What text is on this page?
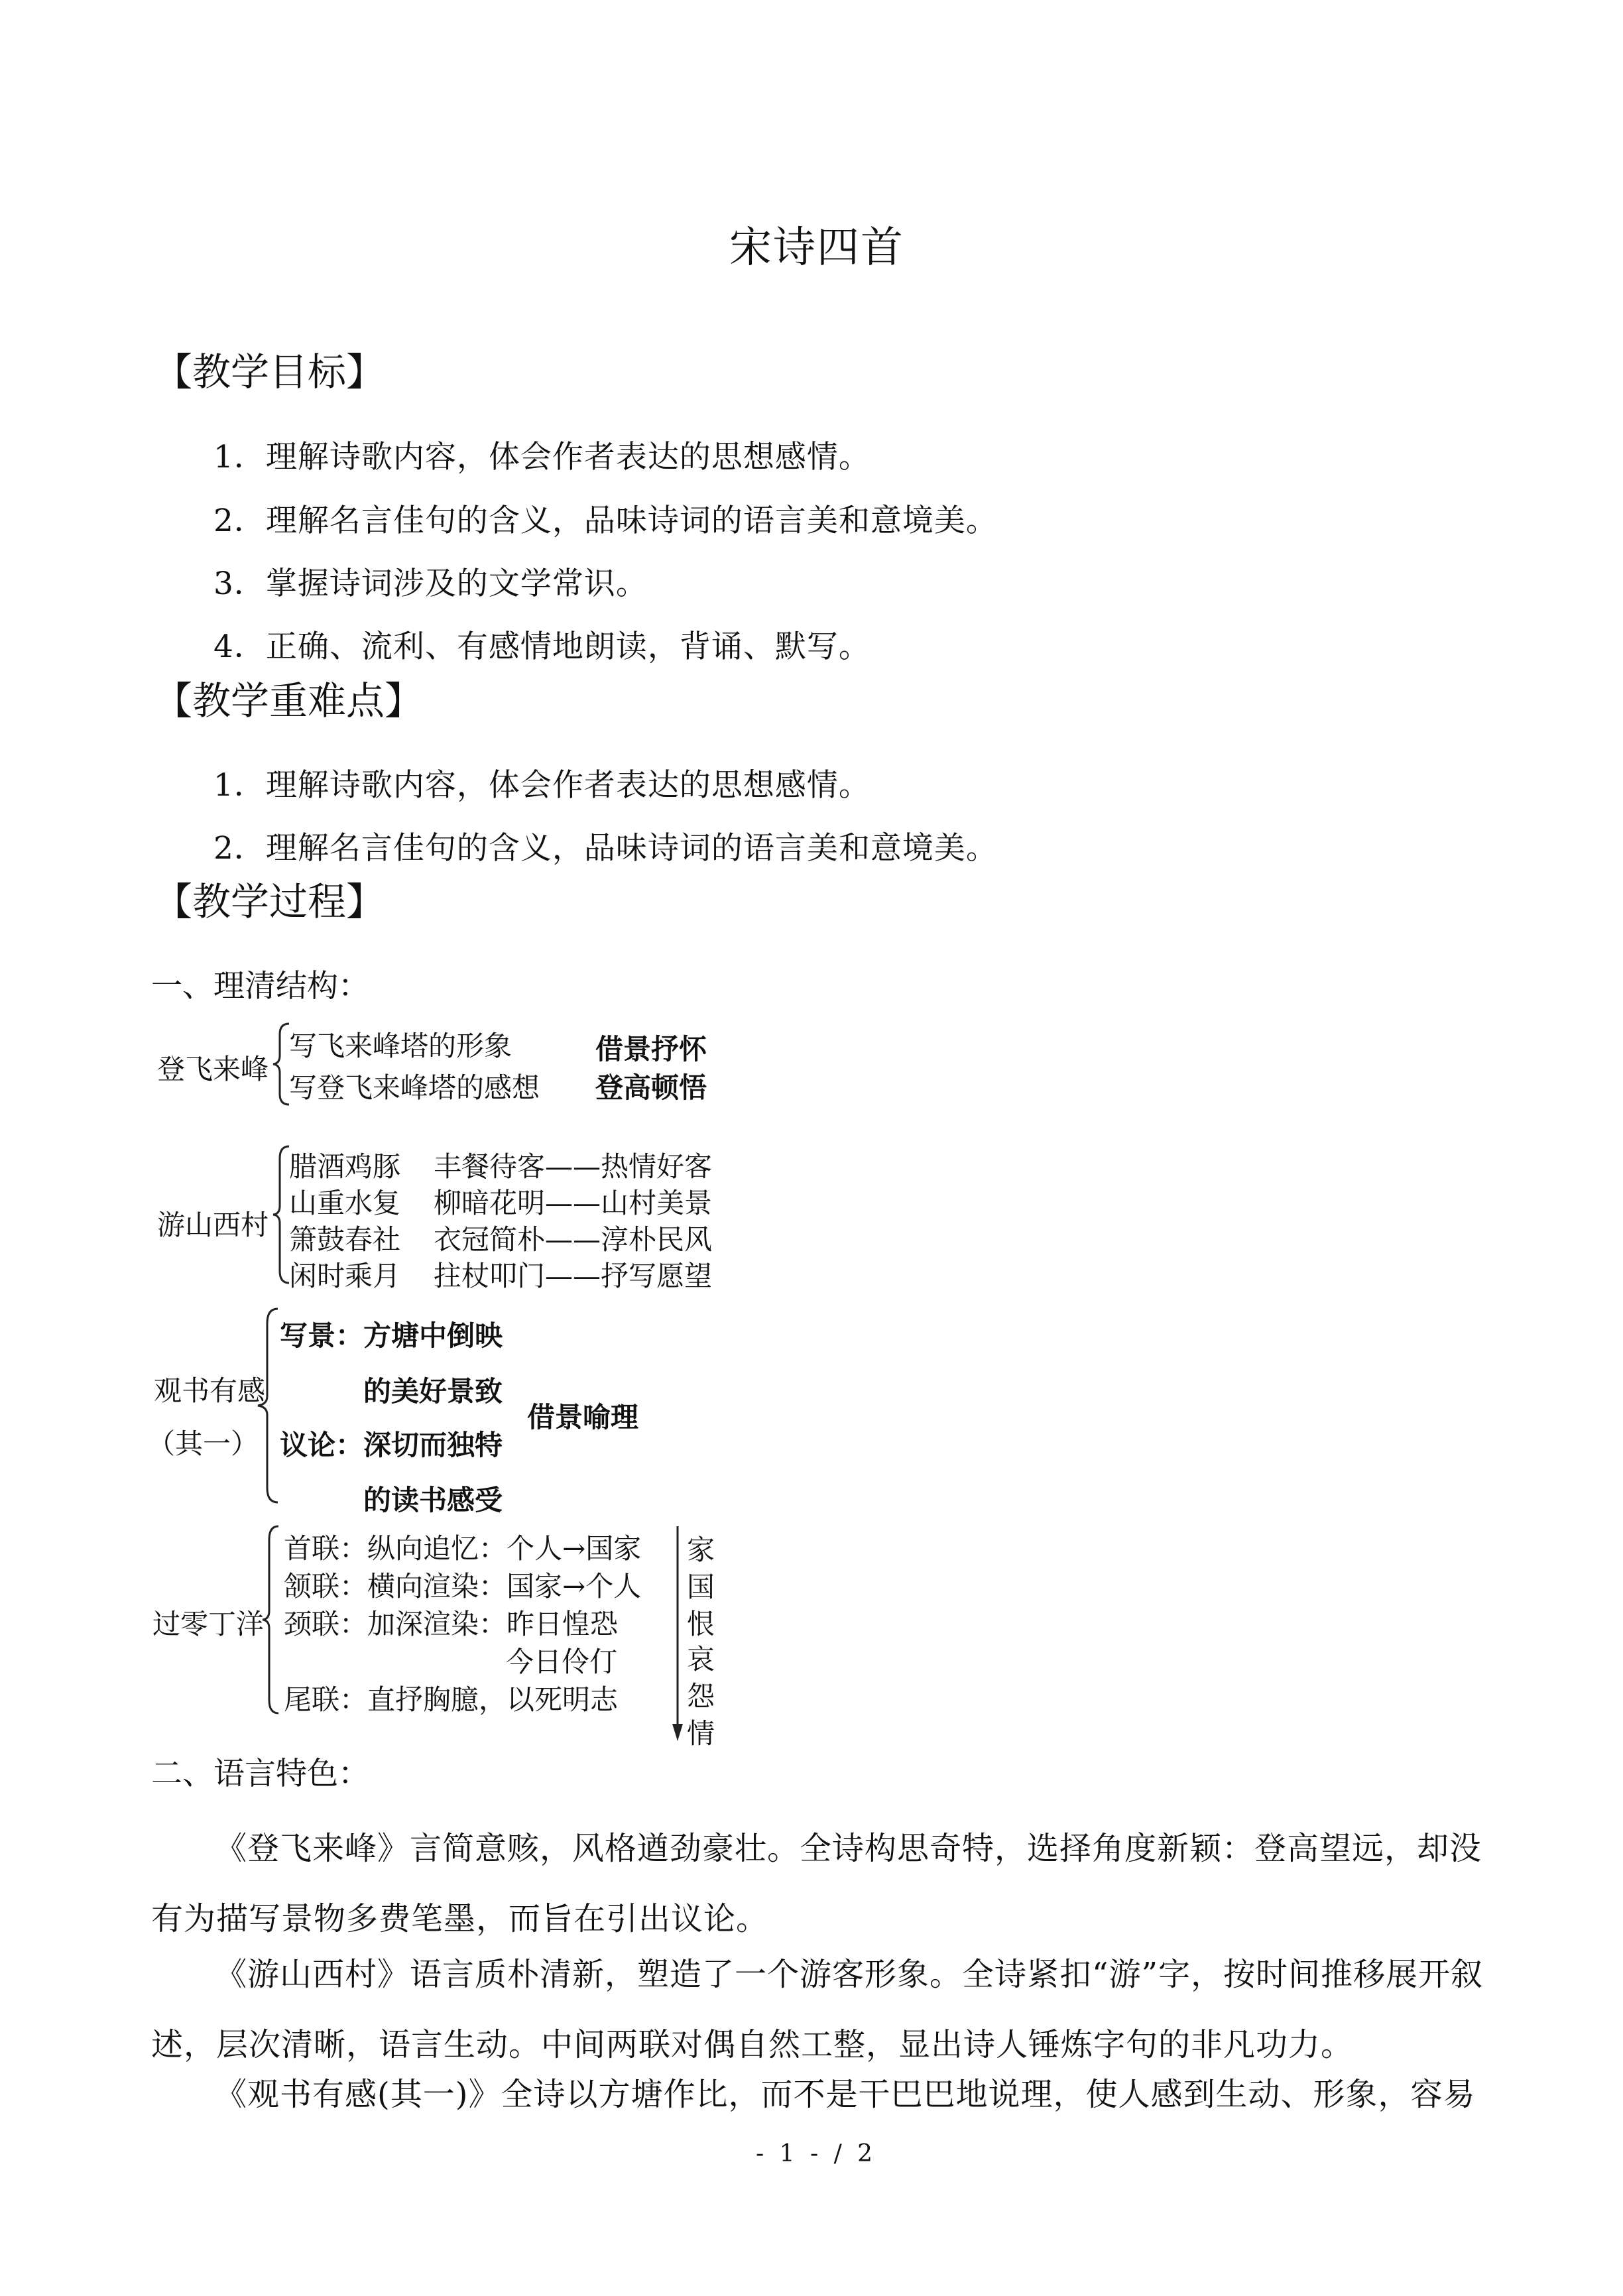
宋诗四首
【教学目标】
1．理解诗歌内容，体会作者表达的思想感情。
2．理解名言佳句的含义，品味诗词的语言美和意境美。
3．掌握诗词涉及的文学常识。
4．正确、流利、有感情地朗读，背诵、默写。
【教学重难点】
1．理解诗歌内容，体会作者表达的思想感情。
2．理解名言佳句的含义，品味诗词的语言美和意境美。
【教学过程】
一、理清结构：
登飞来峰
写飞来峰塔的形象
写登飞来峰塔的感想
借景抒怀
登高顿悟
游山西村
腊酒鸡豚 丰餐待客——热情好客
山重水复 柳暗花明——山村美景
箫鼓春社 衣冠简朴——淳朴民风
闲时乘月 拄杖叩门——抒写愿望
观书有感
（其一）
写景：方塘中倒映
的美好景致
议论：深切而独特
的读书感受
借景喻理
过零丁洋
首联：纵向追忆：个人→国家
颔联：横向渲染：国家→个人
颈联：加深渲染：昨日惶恐
今日伶仃
尾联：直抒胸臆，以死明志
家
国
恨
哀
怨
情
二、语言特色：
《登飞来峰》言简意赅，风格遒劲豪壮。全诗构思奇特，选择角度新颖：登高望远，却没有为描写景物多费笔墨，而旨在引出议论。
《游山西村》语言质朴清新，塑造了一个游客形象。全诗紧扣“游”字，按时间推移展开叙述，层次清晰，语言生动。中间两联对偶自然工整，显出诗人锤炼字句的非凡功力。
《观书有感(其一)》全诗以方塘作比，而不是干巴巴地说理，使人感到生动、形象，容易
- 1 - / 2
